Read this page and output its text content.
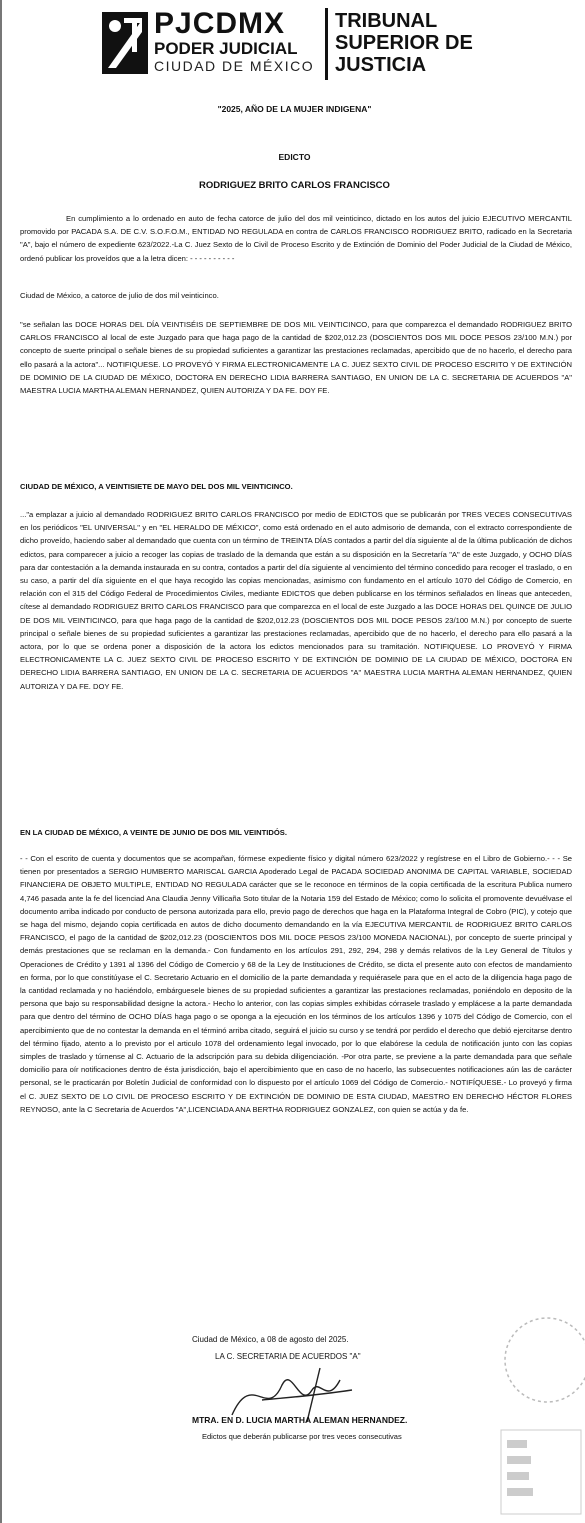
PJCDMX
PODER JUDICIAL
CIUDAD DE MÉXICO
TRIBUNAL
SUPERIOR DE
JUSTICIA
"2025, AÑO DE LA MUJER INDIGENA"
EDICTO
RODRIGUEZ BRITO CARLOS FRANCISCO
En cumplimiento a lo ordenado en auto de fecha catorce de julio del dos mil veinticinco, dictado en los autos del juicio EJECUTIVO MERCANTIL promovido por PACADA S.A. DE C.V. S.O.F.O.M., ENTIDAD NO REGULADA en contra de CARLOS FRANCISCO RODRIGUEZ BRITO, radicado en la Secretaria "A", bajo el número de expediente 623/2022.-La C. Juez Sexto de lo Civil de Proceso Escrito y de Extinción de Dominio del Poder Judicial de la Ciudad de México, ordenó publicar los proveídos que a la letra dicen: - - - - - - - - - -
Ciudad de México, a catorce de julio de dos mil veinticinco.
"se señalan las DOCE HORAS DEL DÍA VEINTISÉIS DE SEPTIEMBRE DE DOS MIL VEINTICINCO, para que comparezca el demandado RODRIGUEZ BRITO CARLOS FRANCISCO al local de este Juzgado para que haga pago de la cantidad de $202,012.23 (DOSCIENTOS DOS MIL DOCE PESOS 23/100 M.N.) por concepto de suerte principal o señale bienes de su propiedad suficientes a garantizar las prestaciones reclamadas, apercibido que de no hacerlo, el derecho para ello pasará a la actora"... NOTIFIQUESE. LO PROVEYÓ Y FIRMA ELECTRONICAMENTE LA C. JUEZ SEXTO CIVIL DE PROCESO ESCRITO Y DE EXTINCIÓN DE DOMINIO DE LA CIUDAD DE MÉXICO, DOCTORA EN DERECHO LIDIA BARRERA SANTIAGO, EN UNION DE LA C. SECRETARIA DE ACUERDOS "A" MAESTRA LUCIA MARTHA ALEMAN HERNANDEZ, QUIEN AUTORIZA Y DA FE. DOY FE.
CIUDAD DE MÉXICO, A VEINTISIETE DE MAYO DEL DOS MIL VEINTICINCO.
..."a emplazar a juicio al demandado RODRIGUEZ BRITO CARLOS FRANCISCO por medio de EDICTOS que se publicarán por TRES VECES CONSECUTIVAS en los periódicos "EL UNIVERSAL" y en "EL HERALDO DE MÉXICO", como está ordenado en el auto admisorio de demanda, con el extracto correspondiente de dicho proveído, haciendo saber al demandado que cuenta con un término de TREINTA DÍAS contados a partir del día siguiente al de la última publicación de dichos edictos, para comparecer a juicio a recoger las copias de traslado de la demanda que están a su disposición en la Secretaría "A" de este Juzgado, y OCHO DÍAS para dar contestación a la demanda instaurada en su contra, contados a partir del día siguiente al vencimiento del término concedido para recoger el traslado, o en su caso, a partir del día siguiente en el que haya recogido las copias mencionadas, asimismo con fundamento en el artículo 1070 del Código de Comercio, en relación con el 315 del Código Federal de Procedimientos Civiles, mediante EDICTOS que deben publicarse en los términos señalados en líneas que anteceden, cítese al demandado RODRIGUEZ BRITO CARLOS FRANCISCO para que comparezca en el local de este Juzgado a las DOCE HORAS DEL QUINCE DE JULIO DE DOS MIL VEINTICINCO, para que haga pago de la cantidad de $202,012.23 (DOSCIENTOS DOS MIL DOCE PESOS 23/100 M.N.) por concepto de suerte principal o señale bienes de su propiedad suficientes a garantizar las prestaciones reclamadas, apercibido que de no hacerlo, el derecho para ello pasará a la actora, por lo que se ordena poner a disposición de la actora los edictos mencionados para su tramitación. NOTIFIQUESE. LO PROVEYÓ Y FIRMA ELECTRONICAMENTE LA C. JUEZ SEXTO CIVIL DE PROCESO ESCRITO Y DE EXTINCIÓN DE DOMINIO DE LA CIUDAD DE MÉXICO, DOCTORA EN DERECHO LIDIA BARRERA SANTIAGO, EN UNION DE LA C. SECRETARIA DE ACUERDOS "A" MAESTRA LUCIA MARTHA ALEMAN HERNANDEZ, QUIEN AUTORIZA Y DA FE. DOY FE.
EN LA CIUDAD DE MÉXICO, A VEINTE DE JUNIO DE DOS MIL VEINTIDÓS.
- - Con el escrito de cuenta y documentos que se acompañan, fórmese expediente físico y digital número 623/2022 y regístrese en el Libro de Gobierno.- - - Se tienen por presentados a SERGIO HUMBERTO MARISCAL GARCIA Apoderado Legal de PACADA SOCIEDAD ANONIMA DE CAPITAL VARIABLE, SOCIEDAD FINANCIERA DE OBJETO MULTIPLE, ENTIDAD NO REGULADA carácter que se le reconoce en términos de la copia certificada de la escritura Publica numero 4,746 pasada ante la fe del licenciad Ana Claudia Jenny Villicaña Soto titular de la Notaria 159 del Estado de México; como lo solicita el promovente devuélvase el documento arriba indicado por conducto de persona autorizada para ello, previo pago de derechos que haga en la Plataforma Integral de Cobro (PIC), y cotejo que se haga del mismo, dejando copia certificada en autos de dicho documento demandando en la vía EJECUTIVA MERCANTIL de RODRIGUEZ BRITO CARLOS FRANCISCO, el pago de la cantidad de $202,012.23 (DOSCIENTOS DOS MIL DOCE PESOS 23/100 MONEDA NACIONAL), por concepto de suerte principal y demás prestaciones que se reclaman en la demanda.- Con fundamento en los artículos 291, 292, 294, 298 y demás relativos de la Ley General de Títulos y Operaciones de Crédito y 1391 al 1396 del Código de Comercio y 68 de la Ley de Instituciones de Crédito, se dicta el presente auto con efectos de mandamiento en forma, por lo que constitúyase el C. Secretario Actuario en el domicilio de la parte demandada y requiérasele para que en el acto de la diligencia haga pago de la cantidad reclamada y no haciéndolo, embárguesele bienes de su propiedad suficientes a garantizar las prestaciones reclamadas, poniéndolo en deposito de la persona que bajo su responsabilidad designe la actora.- Hecho lo anterior, con las copias simples exhibidas córrasele traslado y emplácese a la parte demandada para que dentro del término de OCHO DÍAS haga pago o se oponga a la ejecución en los términos de los artículos 1396 y 1075 del Código de Comercio, con el apercibimiento que de no contestar la demanda en el términó arriba citado, seguirá el juicio su curso y se tendrá por perdido el derecho que debió ejercitarse dentro del término fijado, atento a lo previsto por el articulo 1078 del ordenamiento legal invocado, por lo que elabórese la cedula de notificación junto con las copias simples de traslado y túrnense al C. Actuario de la adscripción para su debida diligenciación. -Por otra parte, se previene a la parte demandada para que señale domicilio para oír notificaciones dentro de ésta jurisdicción, bajo el apercibimiento que en caso de no hacerlo, las subsecuentes notificaciones aún las de carácter personal, se le practicarán por Boletín Judicial de conformidad con lo dispuesto por el artículo 1069 del Código de Comercio.- NOTIFÍQUESE.- Lo proveyó y firma el C. JUEZ SEXTO DE LO CIVIL DE PROCESO ESCRITO Y DE EXTINCIÓN DE DOMINIO DE ESTA CIUDAD, MAESTRO EN DERECHO HÉCTOR FLORES REYNOSO, ante la C Secretaria de Acuerdos "A",LICENCIADA ANA BERTHA RODRIGUEZ GONZALEZ, con quien se actúa y da fe.
Ciudad de México, a 08 de agosto del 2025.
LA C. SECRETARIA DE ACUERDOS "A"
MTRA. EN D. LUCIA MARTHA ALEMAN HERNANDEZ.
Edictos que deberán publicarse por tres veces consecutivas
